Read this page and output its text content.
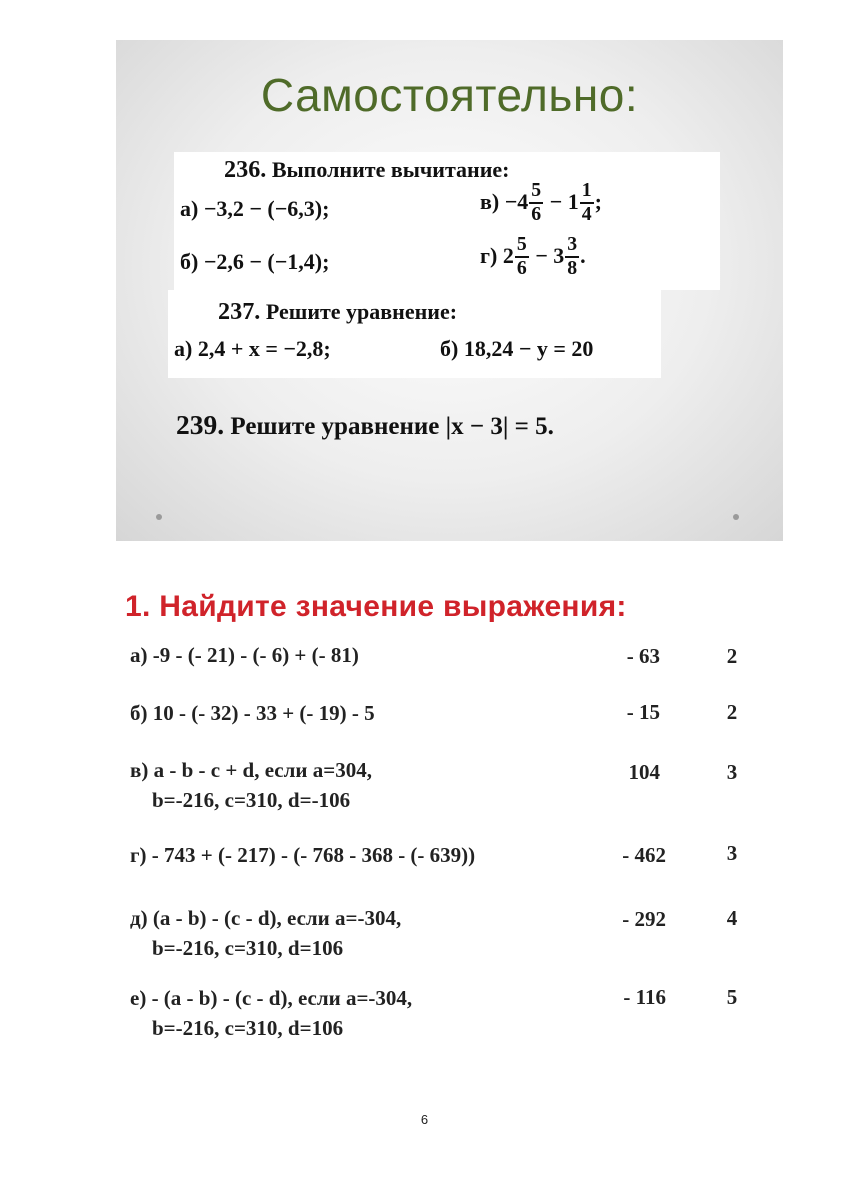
Самостоятельно:
236. Выполните вычитание:
а) −3,2 − (−6,3);
б) −2,6 − (−1,4);
$в) -4 \frac{5}{6} - 1 \frac{1}{4}$ ;
г) $2 \frac{5}{6} - 3 \frac{3}{8}$ .
237. Решите уравнение:
а) 2,4 + x = −2,8;	б) 18,24 − y = 20
239. Решите уравнение |x − 3| = 5.
1. Найдите значение выражения:
а) -9 - (- 21) - (- 6) + (- 81)	- 63	2
б) 10 - (- 32) - 33 + (- 19) - 5	- 15	2
в) a - b - c + d, если a=304,
b=-216, c=310, d=-106
104	3
г) - 743 + (- 217) - (- 768 - 368 - (- 639))	- 462	3
д) (a - b) - (c - d), если a=-304,
b=-216, c=310, d=106
- 292	4
е) - (a - b) - (c - d), если a=-304,
b=-216, c=310, d=106
- 116	5
6
